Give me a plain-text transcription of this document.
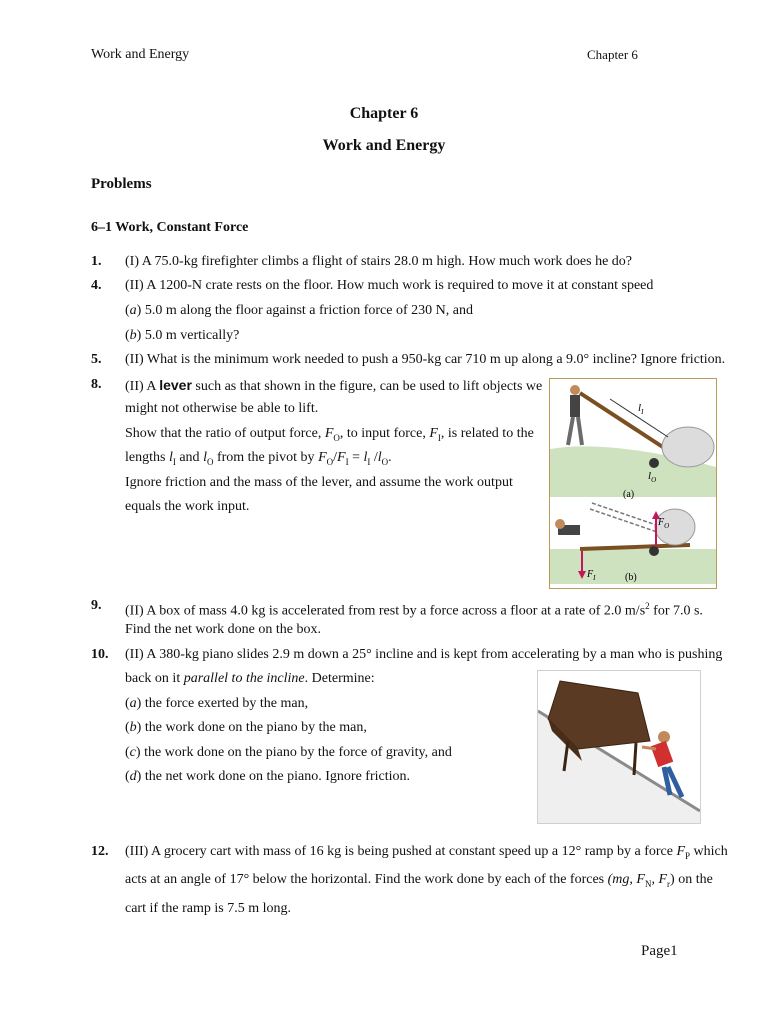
Work and Energy	Chapter 6
Chapter 6
Work and Energy
Problems
6–1 Work, Constant Force
1. (I) A 75.0-kg firefighter climbs a flight of stairs 28.0 m high. How much work does he do?
4. (II) A 1200-N crate rests on the floor. How much work is required to move it at constant speed
(a) 5.0 m along the floor against a friction force of 230 N, and
(b) 5.0 m vertically?
5. (II) What is the minimum work needed to push a 950-kg car 710 m up along a 9.0° incline? Ignore friction.
8. (II) A lever such as that shown in the figure, can be used to lift objects we
might not otherwise be able to lift.
Show that the ratio of output force, $F_O$, to input force, $F_I$, is related to the
lengths $l_I$ and $l_O$ from the pivot by $F_O/F_I = l_I$ $/l_O$.
Ignore friction and the mass of the lever, and assume the work output
equals the work input.
$l_I$
$l_O$
(a)
$F_O$
$F_I$	(b)
9. (II) A box of mass 4.0 kg is accelerated from rest by a force across a floor at a rate of 2.0 $m/s^2$ for 7.0 s.
Find the net work done on the box.
10. (II) A 380-kg piano slides 2.9 m down a 25° incline and is kept from accelerating by a man who is pushing
back on it parallel to the incline. Determine:
(a) the force exerted by the man,
(b) the work done on the piano by the man,
(c) the work done on the piano by the force of gravity, and
(d) the net work done on the piano. Ignore friction.
12. (III) A grocery cart with mass of 16 kg is being pushed at constant speed up a 12° ramp by a force $F_P$ which
acts at an angle of 17° below the horizontal. Find the work done by each of the forces (mg, $F_N$, $F_r$) on the
cart if the ramp is 7.5 m long.
Page1
